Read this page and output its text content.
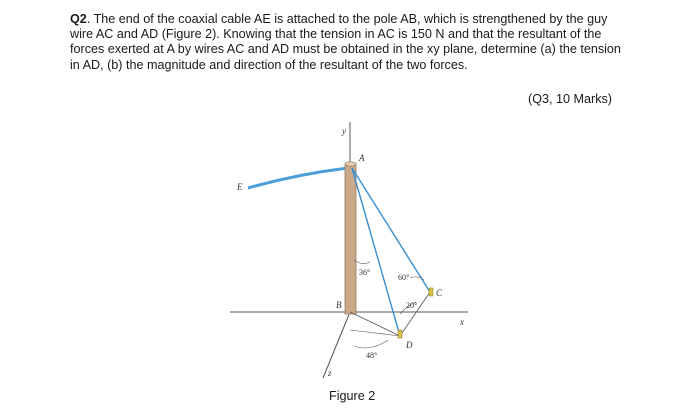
Q2. The end of the coaxial cable AE is attached to the pole AB, which is strengthened by the guy wire AC and AD (Figure 2). Knowing that the tension in AC is 150 N and that the resultant of the forces exerted at A by wires AC and AD must be obtained in the xy plane, determine (a) the tension in AD, (b) the magnitude and direction of the resultant of the two forces.

(Q3, 10 Marks)
y
x
z
E
A
B
C
D
36°
60°
20°
48°
Figure 2
